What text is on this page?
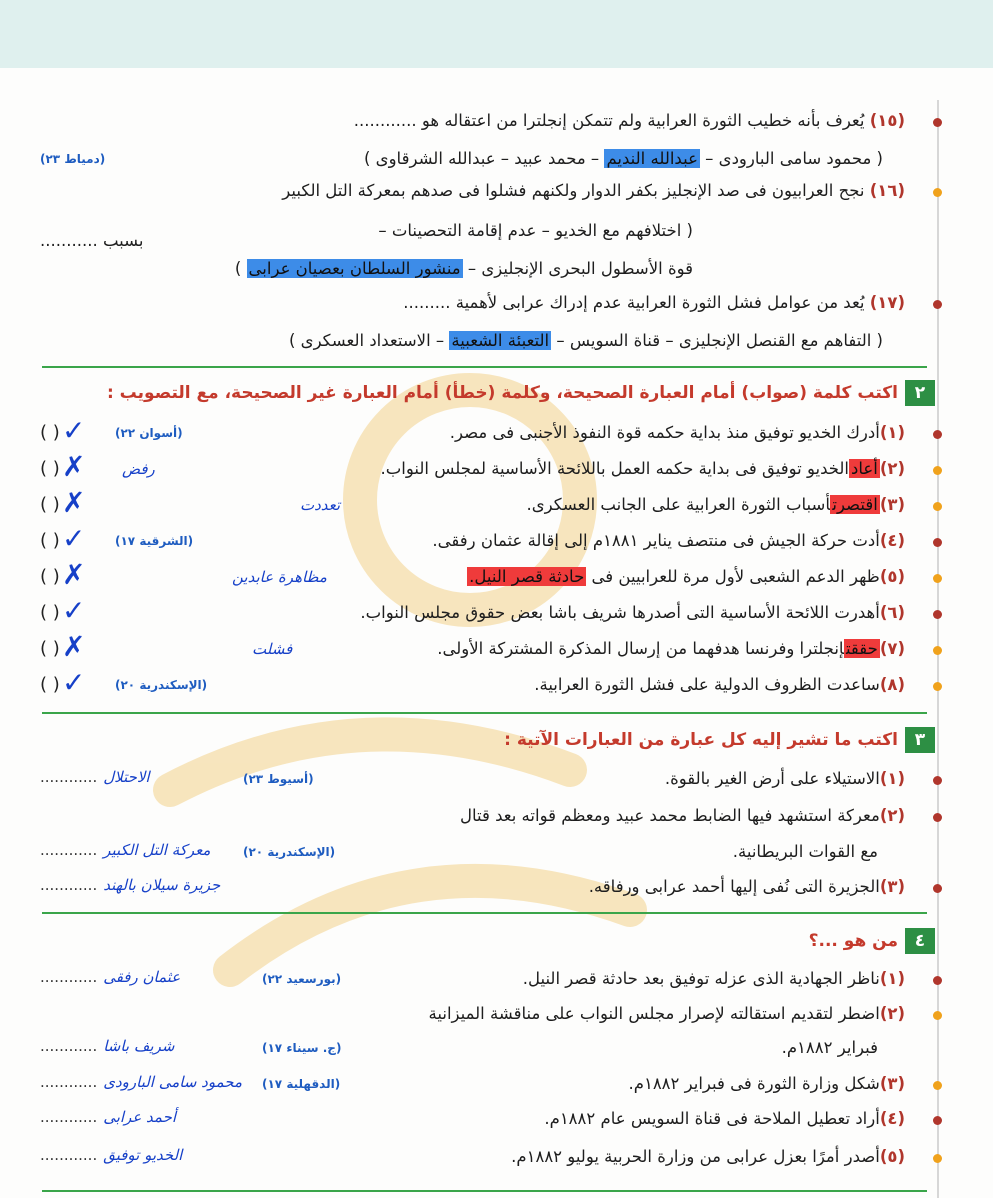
(١٥) يُعرف بأنه خطيب الثورة العرابية ولم تتمكن إنجلترا من اعتقاله هو ............
( محمود سامى البارودى – عبدالله النديم – محمد عبيد – عبدالله الشرقاوى )
(دمياط ٢٣)
(١٦) نجح العرابيون فى صد الإنجليز بكفر الدوار ولكنهم فشلوا فى صدهم بمعركة التل الكبير
( اختلافهم مع الخديو – عدم إقامة التحصينات –
بسبب ...........
قوة الأسطول البحرى الإنجليزى – منشور السلطان بعصيان عرابى )
(١٧) يُعد من عوامل فشل الثورة العرابية عدم إدراك عرابى لأهمية .........
( التفاهم مع القنصل الإنجليزى – قناة السويس – التعبئة الشعبية – الاستعداد العسكرى )
٢
اكتب كلمة (صواب) أمام العبارة الصحيحة، وكلمة (خطأ) أمام العبارة غير الصحيحة، مع التصويب :
(١)أدرك الخديو توفيق منذ بداية حكمه قوة النفوذ الأجنبى فى مصر.
(أسوان ٢٢)
( ) ✓
(٢)أعادالخديو توفيق فى بداية حكمه العمل باللائحة الأساسية لمجلس النواب.
رفض
( ) ✗
(٣)اقتصرتأسباب الثورة العرابية على الجانب العسكرى.
تعددت
( ) ✗
(٤)أدت حركة الجيش فى منتصف يناير ١٨٨١م إلى إقالة عثمان رفقى.
(الشرقية ١٧)
( ) ✓
(٥)ظهر الدعم الشعبى لأول مرة للعرابيين فى حادثة قصر النيل.
مظاهرة عابدين
( ) ✗
(٦)أهدرت اللائحة الأساسية التى أصدرها شريف باشا بعض حقوق مجلس النواب.
( ) ✓
(٧)حققتإنجلترا وفرنسا هدفهما من إرسال المذكرة المشتركة الأولى.
فشلت
( ) ✗
(٨)ساعدت الظروف الدولية على فشل الثورة العرابية.
(الإسكندرية ٢٠)
( ) ✓
٣
اكتب ما تشير إليه كل عبارة من العبارات الآتية :
(١)الاستيلاء على أرض الغير بالقوة.
(أسيوط ٢٣)
............ الاحتلال
(٢)معركة استشهد فيها الضابط محمد عبيد ومعظم قواته بعد قتال
مع القوات البريطانية.
(الإسكندرية ٢٠)
............ معركة التل الكبير
(٣)الجزيرة التى نُفى إليها أحمد عرابى ورفاقه.
............ جزيرة سيلان بالهند
٤
من هو ...؟
(١)ناظر الجهادية الذى عزله توفيق بعد حادثة قصر النيل.
(بورسعيد ٢٢)
............ عثمان رفقى
(٢)اضطر لتقديم استقالته لإصرار مجلس النواب على مناقشة الميزانية
فبراير ١٨٨٢م.
(ج. سيناء ١٧)
............ شريف باشا
(٣)شكل وزارة الثورة فى فبراير ١٨٨٢م.
(الدقهلية ١٧)
............ محمود سامى البارودى
(٤)أراد تعطيل الملاحة فى قناة السويس عام ١٨٨٢م.
............ أحمد عرابى
(٥)أصدر أمرًا بعزل عرابى من وزارة الحربية يوليو ١٨٨٢م.
............ الخديو توفيق
